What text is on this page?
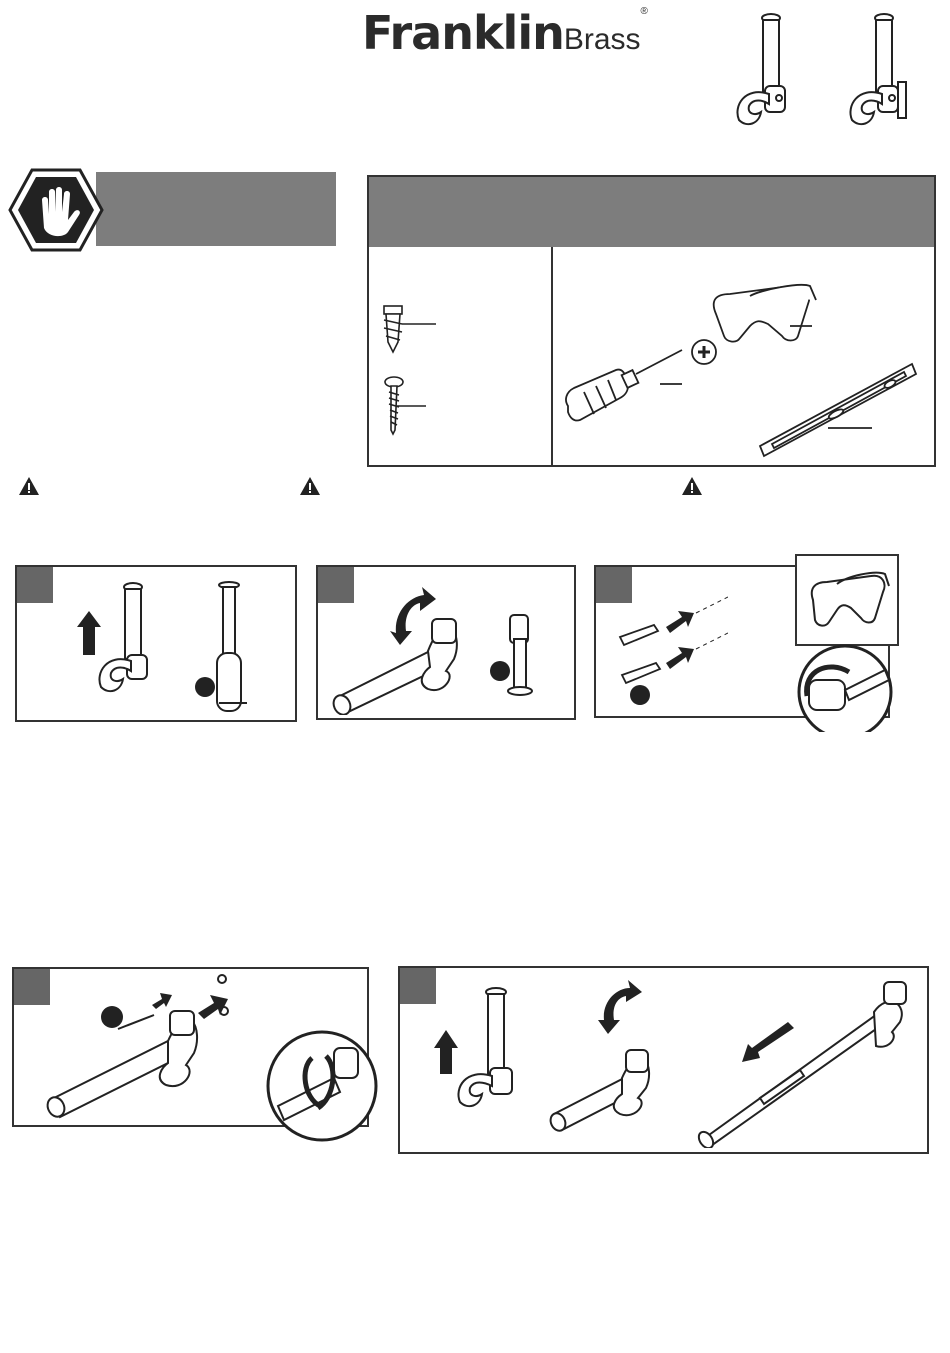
FranklinBrass®
